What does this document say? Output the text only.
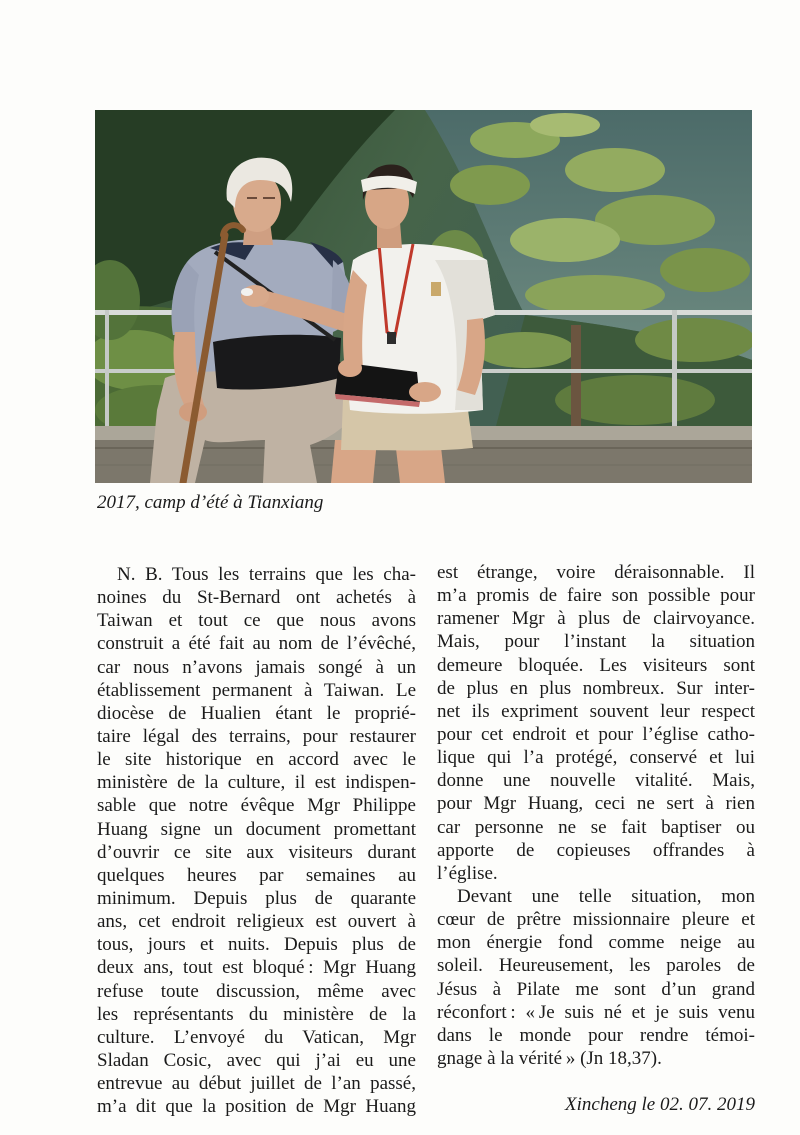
2017, camp d’été à Tianxiang
N. B. Tous les terrains que les cha-
noines du St-Bernard ont achetés à
Taiwan et tout ce que nous avons
construit a été fait au nom de l’évêché,
car nous n’avons jamais songé à un
établissement permanent à Taiwan. Le
diocèse de Hualien étant le proprié-
taire légal des terrains, pour restaurer
le site historique en accord avec le
ministère de la culture, il est indispen-
sable que notre évêque Mgr Philippe
Huang signe un document promettant
d’ouvrir ce site aux visiteurs durant
quelques heures par semaines au
minimum. Depuis plus de quarante
ans, cet endroit religieux est ouvert à
tous, jours et nuits. Depuis plus de
deux ans, tout est bloqué : Mgr Huang
refuse toute discussion, même avec
les représentants du ministère de la
culture. L’envoyé du Vatican, Mgr
Sladan Cosic, avec qui j’ai eu une
entrevue au début juillet de l’an passé,
m’a dit que la position de Mgr Huang
est étrange, voire déraisonnable. Il
m’a promis de faire son possible pour
ramener Mgr à plus de clairvoyance.
Mais, pour l’instant la situation
demeure bloquée. Les visiteurs sont
de plus en plus nombreux. Sur inter-
net ils expriment souvent leur respect
pour cet endroit et pour l’église catho-
lique qui l’a protégé, conservé et lui
donne une nouvelle vitalité. Mais,
pour Mgr Huang, ceci ne sert à rien
car personne ne se fait baptiser ou
apporte de copieuses offrandes à
l’église.
Devant une telle situation, mon
cœur de prêtre missionnaire pleure et
mon énergie fond comme neige au
soleil. Heureusement, les paroles de
Jésus à Pilate me sont d’un grand
réconfort : « Je suis né et je suis venu
dans le monde pour rendre témoi-
gnage à la vérité » (Jn 18,37).
Xincheng le 02. 07. 2019
